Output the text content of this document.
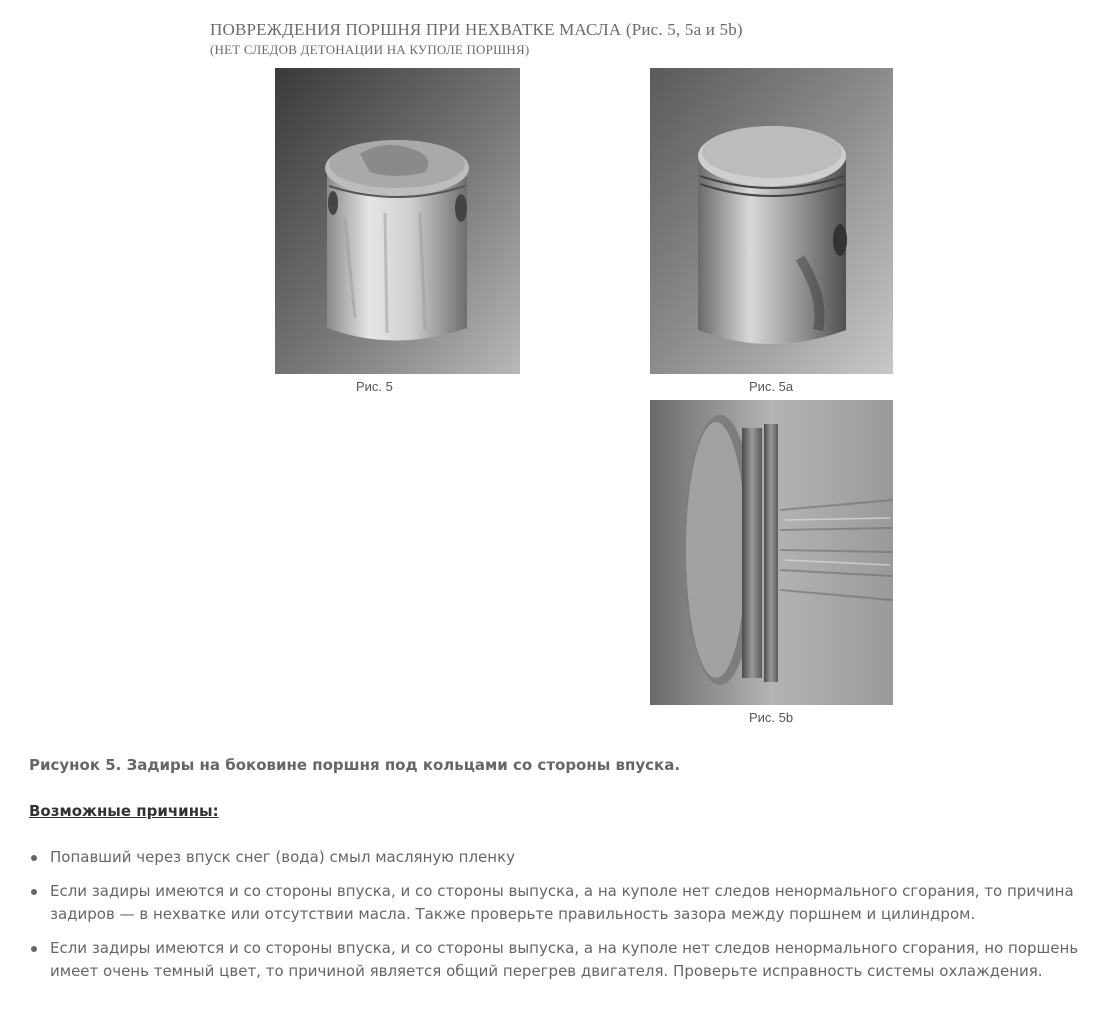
ПОВРЕЖДЕНИЯ ПОРШНЯ ПРИ НЕХВАТКЕ МАСЛА (Рис. 5, 5а и 5b)
(НЕТ СЛЕДОВ ДЕТОНАЦИИ НА КУПОЛЕ ПОРШНЯ)
Рис. 5	Рис. 5а
Рис. 5b
Рисунок 5. Задиры на боковине поршня под кольцами со стороны впуска.
Возможные причины:
Попавший через впуск снег (вода) смыл масляную пленку
Если задиры имеются и со стороны впуска, и со стороны выпуска, а на куполе нет следов ненормального сгорания, то причина задиров — в нехватке или отсутствии масла. Также проверьте правильность зазора между поршнем и цилиндром.
Если задиры имеются и со стороны впуска, и со стороны выпуска, а на куполе нет следов ненормального сгорания, но поршень имеет очень темный цвет, то причиной является общий перегрев двигателя. Проверьте исправность системы охлаждения.
